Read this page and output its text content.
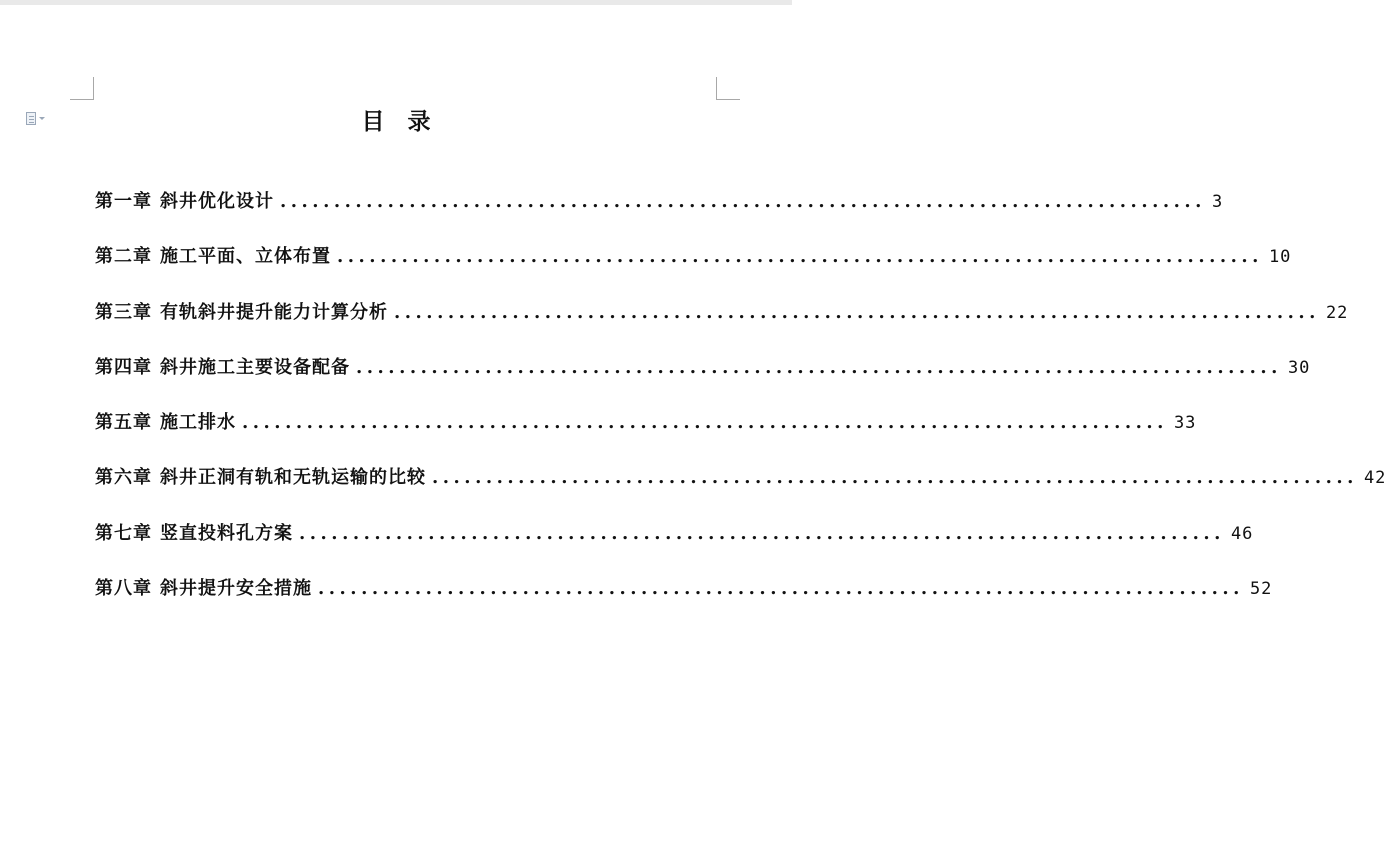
目　录
第一章 斜井优化设计 ...................................................................................... 3
第二章 施工平面、立体布置 ...................................................................................... 10
第三章 有轨斜井提升能力计算分析 ...................................................................................... 22
第四章 斜井施工主要设备配备 ...................................................................................... 30
第五章 施工排水 ...................................................................................... 33
第六章 斜井正洞有轨和无轨运输的比较 ...................................................................................... 42
第七章 竖直投料孔方案 ...................................................................................... 46
第八章 斜井提升安全措施 ...................................................................................... 52
